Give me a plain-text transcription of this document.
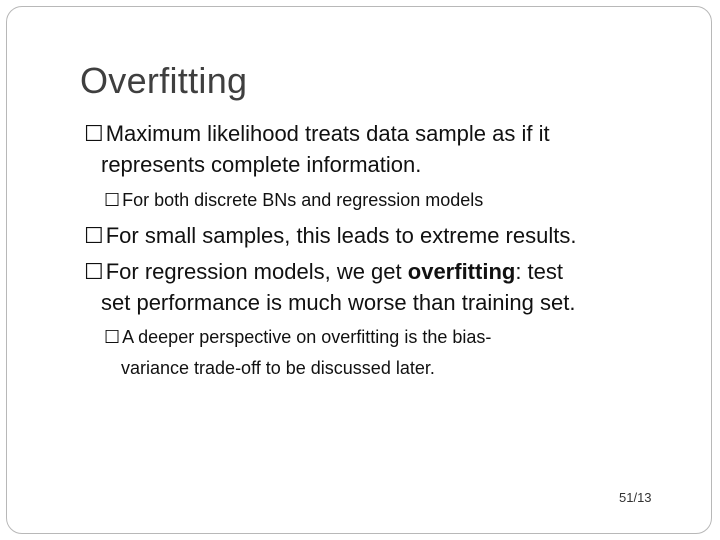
Overfitting
☐Maximum likelihood treats data sample as if it
represents complete information.
☐ For both discrete BNs and regression models
☐For small samples, this leads to extreme results.
☐For regression models, we get overfitting: test
set performance is much worse than training set.
☐ A deeper perspective on overfitting is the bias-
variance trade-off to be discussed later.
51/13
